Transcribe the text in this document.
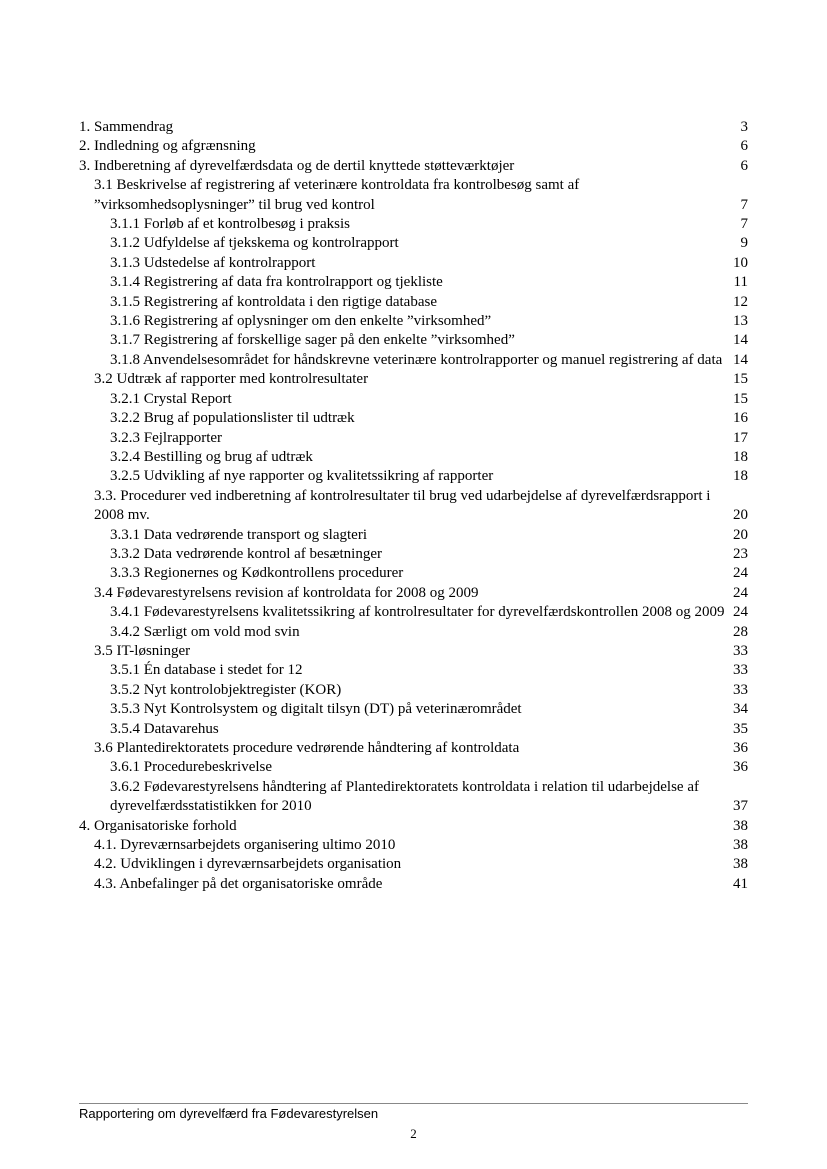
1. Sammendrag	3
2. Indledning og afgrænsning	6
3. Indberetning af dyrevelfærdsdata og de dertil knyttede støtteværktøjer	6
3.1 Beskrivelse af registrering af veterinære kontroldata fra kontrolbesøg samt af ”virksomhedsoplysninger” til brug ved kontrol	7
3.1.1 Forløb af et kontrolbesøg i praksis	7
3.1.2 Udfyldelse af tjekskema og kontrolrapport	9
3.1.3 Udstedelse af kontrolrapport	10
3.1.4 Registrering af data fra kontrolrapport og tjekliste	11
3.1.5 Registrering af kontroldata i den rigtige database	12
3.1.6 Registrering af oplysninger om den enkelte ”virksomhed”	13
3.1.7 Registrering af forskellige sager på den enkelte ”virksomhed”	14
3.1.8 Anvendelsesområdet for håndskrevne veterinære kontrolrapporter og manuel registrering af data 14
3.2 Udtræk af rapporter med kontrolresultater	15
3.2.1 Crystal Report	15
3.2.2 Brug af populationslister til udtræk	16
3.2.3 Fejlrapporter	17
3.2.4 Bestilling og brug af udtræk	18
3.2.5 Udvikling af nye rapporter og kvalitetssikring af rapporter	18
3.3. Procedurer ved indberetning af kontrolresultater til brug ved udarbejdelse af dyrevelfærdsrapport i 2008 mv.	20
3.3.1 Data vedrørende transport og slagteri	20
3.3.2 Data vedrørende kontrol af besætninger	23
3.3.3 Regionernes og Kødkontrollens procedurer	24
3.4 Fødevarestyrelsens revision af kontroldata for 2008 og 2009	24
3.4.1 Fødevarestyrelsens kvalitetssikring af kontrolresultater for dyrevelfærdskontrollen 2008 og 2009 24
3.4.2 Særligt om vold mod svin	28
3.5 IT-løsninger	33
3.5.1 Én database i stedet for 12	33
3.5.2 Nyt kontrolobjektregister (KOR)	33
3.5.3 Nyt Kontrolsystem og digitalt tilsyn (DT) på veterinærområdet	34
3.5.4 Datavarehus	35
3.6 Plantedirektoratets procedure vedrørende håndtering af kontroldata	36
3.6.1 Procedurebeskrivelse	36
3.6.2 Fødevarestyrelsens håndtering af Plantedirektoratets kontroldata i relation til udarbejdelse af dyrevelfærdsstatistikken for 2010	37
4. Organisatoriske forhold	38
4.1. Dyreværnsarbejdets organisering ultimo 2010	38
4.2. Udviklingen i dyreværnsarbejdets organisation	38
4.3. Anbefalinger på det organisatoriske område	41
Rapportering om dyrevelfærd fra Fødevarestyrelsen
2
